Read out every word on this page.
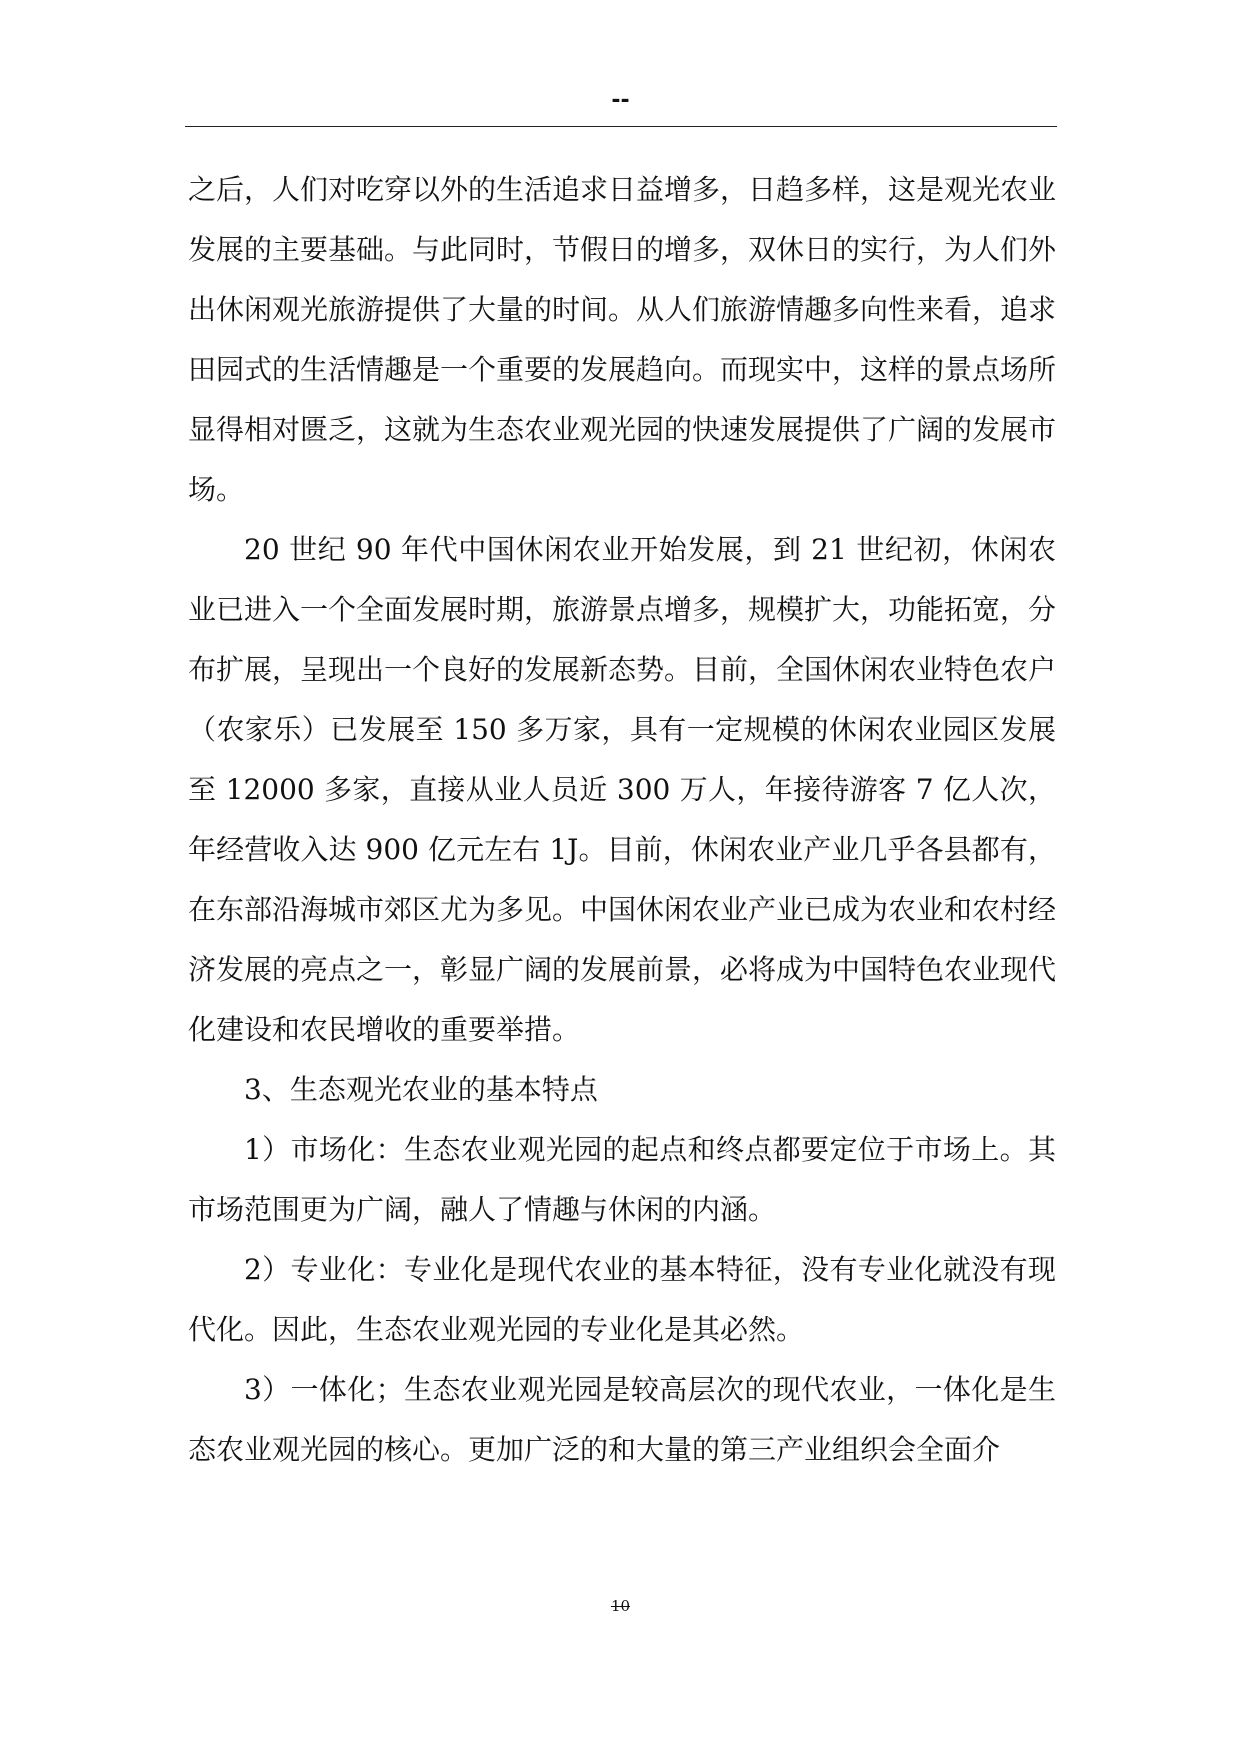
--

之后，人们对吃穿以外的生活追求日益增多，日趋多样，这是观光农业发展的主要基础。与此同时，节假日的增多，双休日的实行，为人们外出休闲观光旅游提供了大量的时间。从人们旅游情趣多向性来看，追求田园式的生活情趣是一个重要的发展趋向。而现实中，这样的景点场所显得相对匮乏，这就为生态农业观光园的快速发展提供了广阔的发展市场。

20 世纪 90 年代中国休闲农业开始发展，到 21 世纪初，休闲农业已进入一个全面发展时期，旅游景点增多，规模扩大，功能拓宽，分布扩展，呈现出一个良好的发展新态势。目前，全国休闲农业特色农户（农家乐）已发展至 150 多万家，具有一定规模的休闲农业园区发展至 12000 多家，直接从业人员近 300 万人，年接待游客 7 亿人次，年经营收入达 900 亿元左右 1J。目前，休闲农业产业几乎各县都有，在东部沿海城市郊区尤为多见。中国休闲农业产业已成为农业和农村经济发展的亮点之一，彰显广阔的发展前景，必将成为中国特色农业现代化建设和农民增收的重要举措。

3、生态观光农业的基本特点

1）市场化：生态农业观光园的起点和终点都要定位于市场上。其市场范围更为广阔，融人了情趣与休闲的内涵。

2）专业化：专业化是现代农业的基本特征，没有专业化就没有现代化。因此，生态农业观光园的专业化是其必然。

3）一体化；生态农业观光园是较高层次的现代农业，一体化是生态农业观光园的核心。更加广泛的和大量的第三产业组织会全面介

10
